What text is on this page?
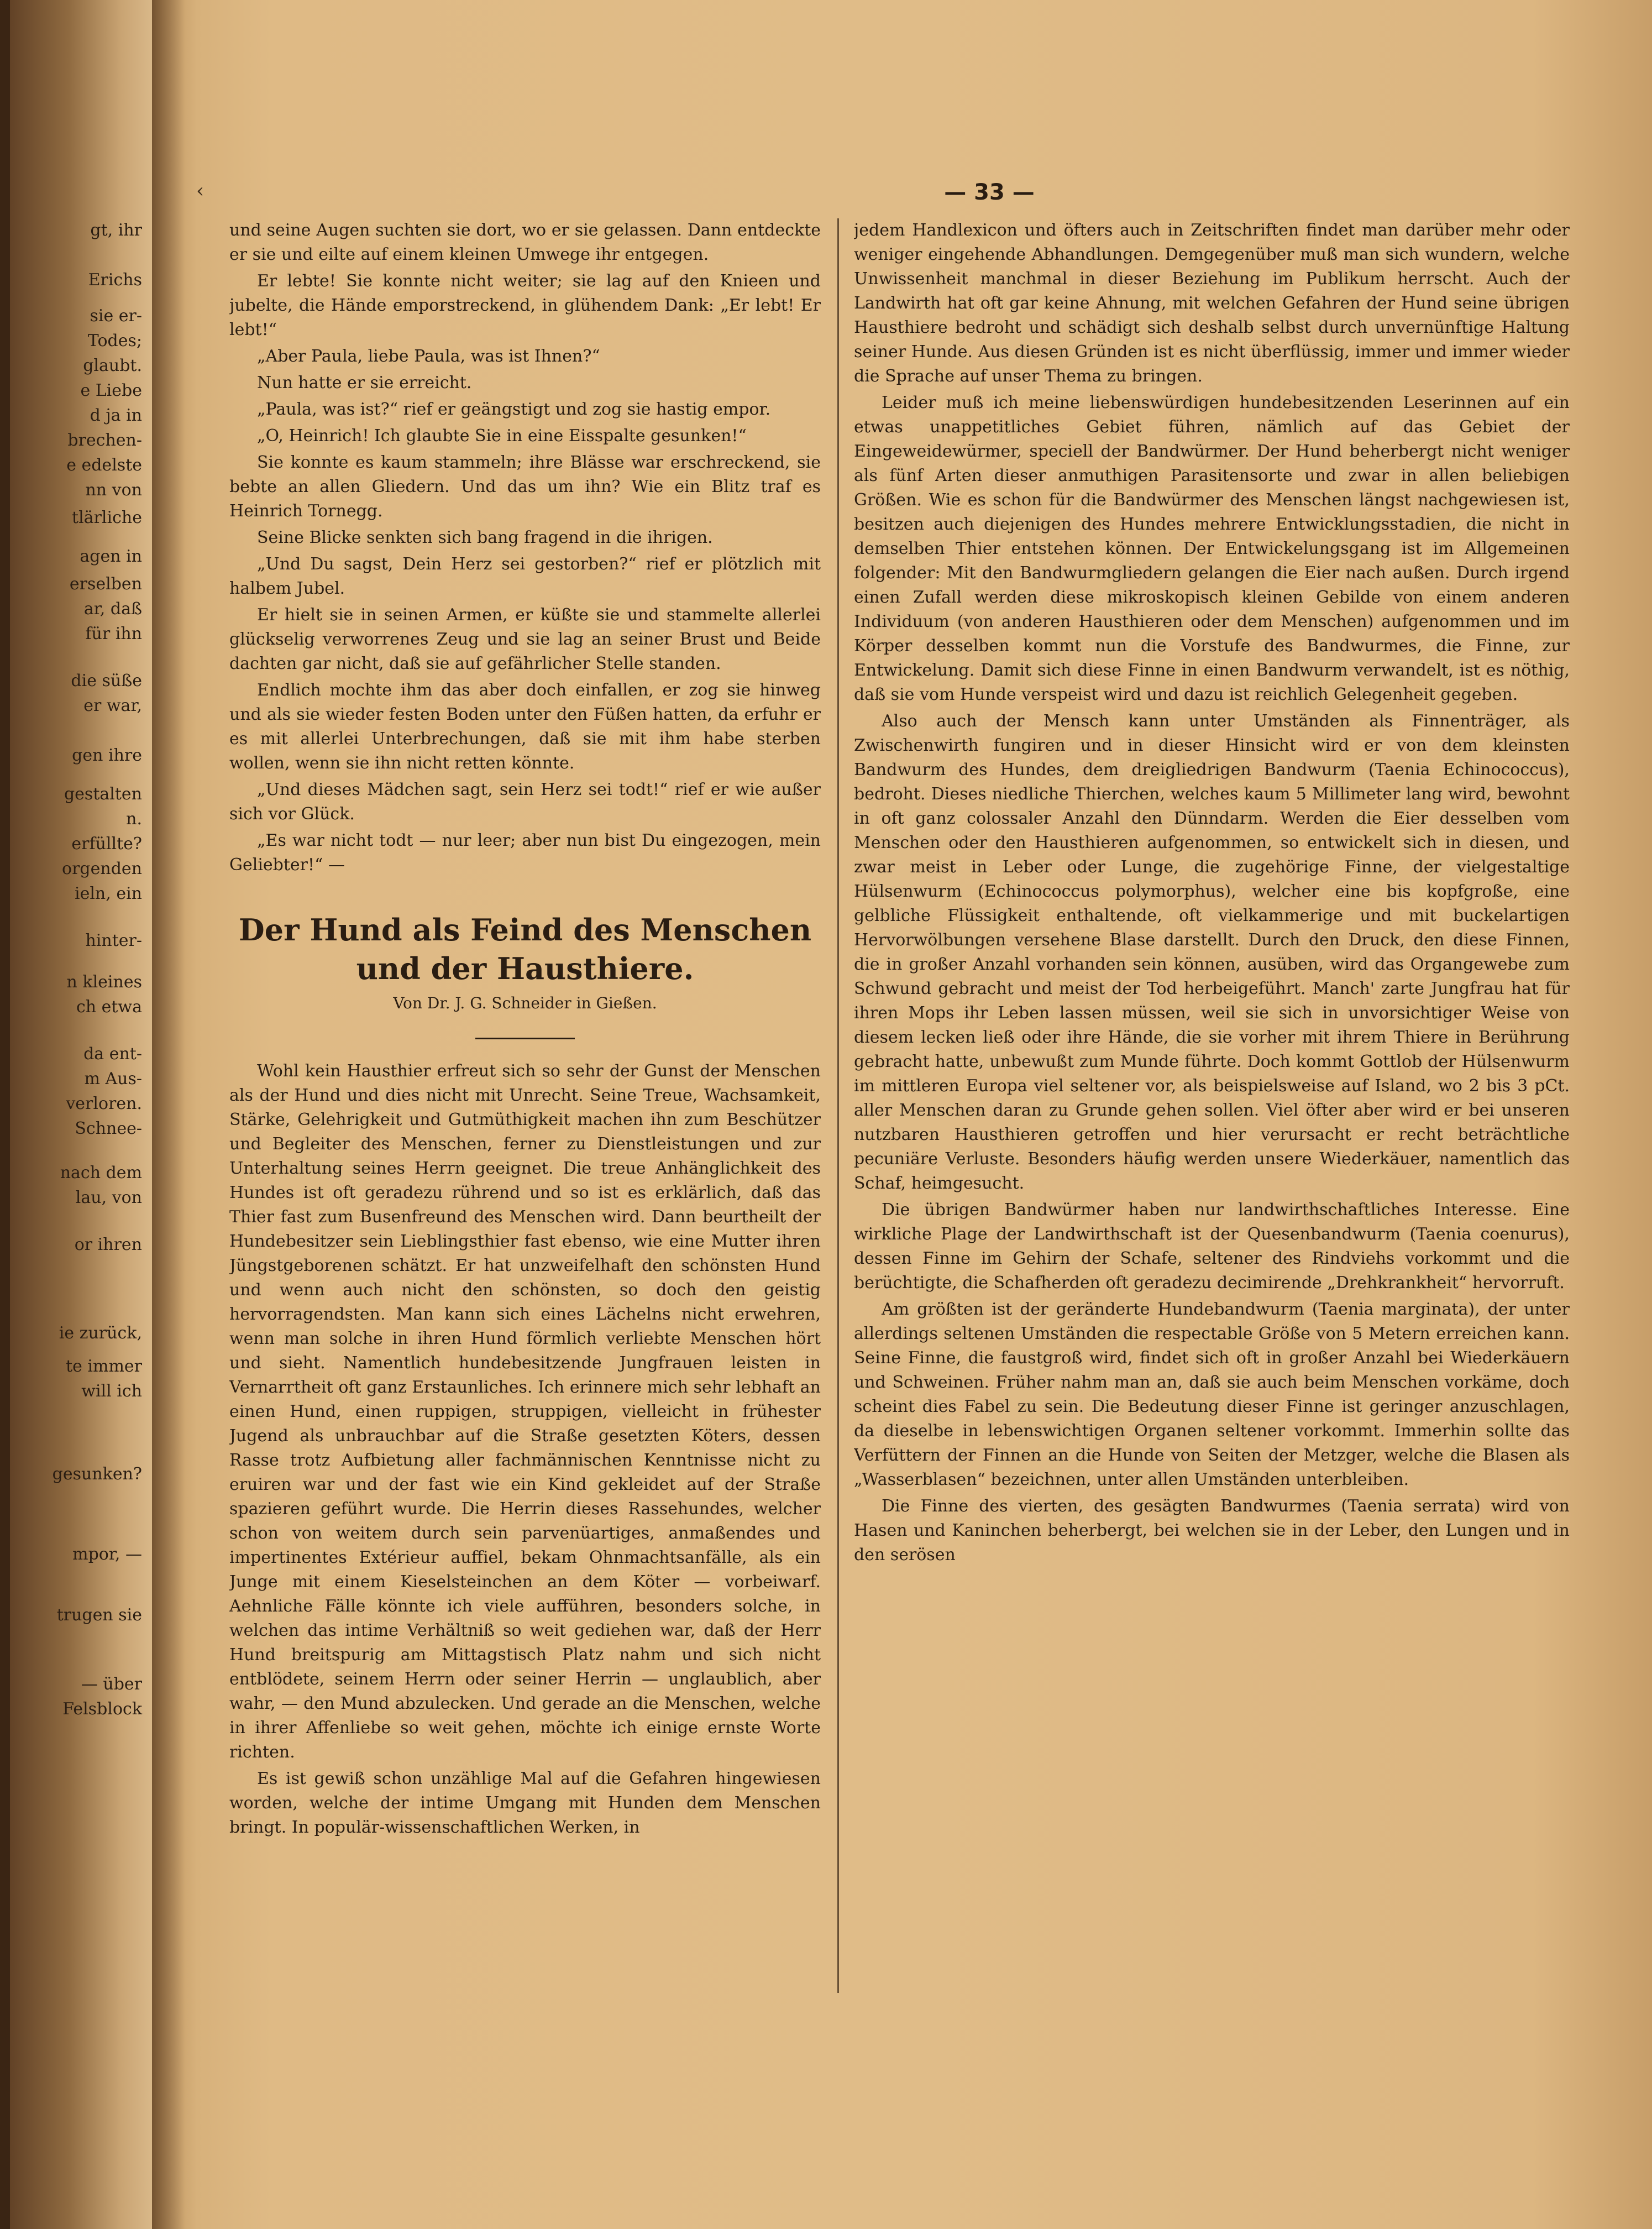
gt, ihr
Erichs
sie er-
Todes;
glaubt.
e Liebe
d ja in
brechen-
e edelste
nn von
tlärliche
agen in
erselben
ar, daß
für ihn
die süße
er war,
gen ihre
gestalten
n.
erfüllte?
orgenden
ieln, ein
hinter-
n kleines
ch etwa
da ent-
m Aus-
verloren.
Schnee-
nach dem
lau, von
or ihren
ie zurück,
te immer
will ich
gesunken?
mpor, —
trugen sie
— über
Felsblock
‹	— 33 —

und seine Augen suchten sie dort, wo er sie gelassen. Dann entdeckte er sie und eilte auf einem kleinen Umwege ihr entgegen.

Er lebte! Sie konnte nicht weiter; sie lag auf den Knieen und jubelte, die Hände emporstreckend, in glühendem Dank: „Er lebt! Er lebt!“

„Aber Paula, liebe Paula, was ist Ihnen?“

Nun hatte er sie erreicht.

„Paula, was ist?“ rief er geängstigt und zog sie hastig empor.

„O, Heinrich! Ich glaubte Sie in eine Eisspalte gesunken!“

Sie konnte es kaum stammeln; ihre Blässe war erschreckend, sie bebte an allen Gliedern. Und das um ihn? Wie ein Blitz traf es Heinrich Tornegg.

Seine Blicke senkten sich bang fragend in die ihrigen.

„Und Du sagst, Dein Herz sei gestorben?“ rief er plötzlich mit halbem Jubel.

Er hielt sie in seinen Armen, er küßte sie und stammelte allerlei glückselig verworrenes Zeug und sie lag an seiner Brust und Beide dachten gar nicht, daß sie auf gefährlicher Stelle standen.

Endlich mochte ihm das aber doch einfallen, er zog sie hinweg und als sie wieder festen Boden unter den Füßen hatten, da erfuhr er es mit allerlei Unterbrechungen, daß sie mit ihm habe sterben wollen, wenn sie ihn nicht retten könnte.

„Und dieses Mädchen sagt, sein Herz sei todt!“ rief er wie außer sich vor Glück.

„Es war nicht todt — nur leer; aber nun bist Du eingezogen, mein Geliebter!“ —

Der Hund als Feind des Menschen und der Hausthiere.
Von Dr. J. G. Schneider in Gießen.

Wohl kein Hausthier erfreut sich so sehr der Gunst der Menschen als der Hund und dies nicht mit Unrecht. Seine Treue, Wachsamkeit, Stärke, Gelehrigkeit und Gutmüthigkeit machen ihn zum Beschützer und Begleiter des Menschen, ferner zu Dienstleistungen und zur Unterhaltung seines Herrn geeignet. Die treue Anhänglichkeit des Hundes ist oft geradezu rührend und so ist es erklärlich, daß das Thier fast zum Busenfreund des Menschen wird. Dann beurtheilt der Hundebesitzer sein Lieblingsthier fast ebenso, wie eine Mutter ihren Jüngstgeborenen schätzt. Er hat unzweifelhaft den schönsten Hund und wenn auch nicht den schönsten, so doch den geistig hervorragendsten. Man kann sich eines Lächelns nicht erwehren, wenn man solche in ihren Hund förmlich verliebte Menschen hört und sieht. Namentlich hundebesitzende Jungfrauen leisten in Vernarrtheit oft ganz Erstaunliches. Ich erinnere mich sehr lebhaft an einen Hund, einen ruppigen, struppigen, vielleicht in frühester Jugend als unbrauchbar auf die Straße gesetzten Köters, dessen Rasse trotz Aufbietung aller fachmännischen Kenntnisse nicht zu eruiren war und der fast wie ein Kind gekleidet auf der Straße spazieren geführt wurde. Die Herrin dieses Rassehundes, welcher schon von weitem durch sein parvenüartiges, anmaßendes und impertinentes Extérieur auffiel, bekam Ohnmachtsanfälle, als ein Junge mit einem Kieselsteinchen an dem Köter — vorbeiwarf. Aehnliche Fälle könnte ich viele aufführen, besonders solche, in welchen das intime Verhältniß so weit gediehen war, daß der Herr Hund breitspurig am Mittagstisch Platz nahm und sich nicht entblödete, seinem Herrn oder seiner Herrin — unglaublich, aber wahr, — den Mund abzulecken. Und gerade an die Menschen, welche in ihrer Affenliebe so weit gehen, möchte ich einige ernste Worte richten.

Es ist gewiß schon unzählige Mal auf die Gefahren hingewiesen worden, welche der intime Umgang mit Hunden dem Menschen bringt. In populär-wissenschaftlichen Werken, in

jedem Handlexicon und öfters auch in Zeitschriften findet man darüber mehr oder weniger eingehende Abhandlungen. Demgegenüber muß man sich wundern, welche Unwissenheit manchmal in dieser Beziehung im Publikum herrscht. Auch der Landwirth hat oft gar keine Ahnung, mit welchen Gefahren der Hund seine übrigen Hausthiere bedroht und schädigt sich deshalb selbst durch unvernünftige Haltung seiner Hunde. Aus diesen Gründen ist es nicht überflüssig, immer und immer wieder die Sprache auf unser Thema zu bringen.

Leider muß ich meine liebenswürdigen hundebesitzenden Leserinnen auf ein etwas unappetitliches Gebiet führen, nämlich auf das Gebiet der Eingeweidewürmer, speciell der Bandwürmer. Der Hund beherbergt nicht weniger als fünf Arten dieser anmuthigen Parasitensorte und zwar in allen beliebigen Größen. Wie es schon für die Bandwürmer des Menschen längst nachgewiesen ist, besitzen auch diejenigen des Hundes mehrere Entwicklungsstadien, die nicht in demselben Thier entstehen können. Der Entwickelungsgang ist im Allgemeinen folgender: Mit den Bandwurmgliedern gelangen die Eier nach außen. Durch irgend einen Zufall werden diese mikroskopisch kleinen Gebilde von einem anderen Individuum (von anderen Hausthieren oder dem Menschen) aufgenommen und im Körper desselben kommt nun die Vorstufe des Bandwurmes, die Finne, zur Entwickelung. Damit sich diese Finne in einen Bandwurm verwandelt, ist es nöthig, daß sie vom Hunde verspeist wird und dazu ist reichlich Gelegenheit gegeben.

Also auch der Mensch kann unter Umständen als Finnenträger, als Zwischenwirth fungiren und in dieser Hinsicht wird er von dem kleinsten Bandwurm des Hundes, dem dreigliedrigen Bandwurm (Taenia Echinococcus), bedroht. Dieses niedliche Thierchen, welches kaum 5 Millimeter lang wird, bewohnt in oft ganz colossaler Anzahl den Dünndarm. Werden die Eier desselben vom Menschen oder den Hausthieren aufgenommen, so entwickelt sich in diesen, und zwar meist in Leber oder Lunge, die zugehörige Finne, der vielgestaltige Hülsenwurm (Echinococcus polymorphus), welcher eine bis kopfgroße, eine gelbliche Flüssigkeit enthaltende, oft vielkammerige und mit buckelartigen Hervorwölbungen versehene Blase darstellt. Durch den Druck, den diese Finnen, die in großer Anzahl vorhanden sein können, ausüben, wird das Organgewebe zum Schwund gebracht und meist der Tod herbeigeführt. Manch' zarte Jungfrau hat für ihren Mops ihr Leben lassen müssen, weil sie sich in unvorsichtiger Weise von diesem lecken ließ oder ihre Hände, die sie vorher mit ihrem Thiere in Berührung gebracht hatte, unbewußt zum Munde führte. Doch kommt Gottlob der Hülsenwurm im mittleren Europa viel seltener vor, als beispielsweise auf Island, wo 2 bis 3 pCt. aller Menschen daran zu Grunde gehen sollen. Viel öfter aber wird er bei unseren nutzbaren Hausthieren getroffen und hier verursacht er recht beträchtliche pecuniäre Verluste. Besonders häufig werden unsere Wiederkäuer, namentlich das Schaf, heimgesucht.

Die übrigen Bandwürmer haben nur landwirthschaftliches Interesse. Eine wirkliche Plage der Landwirthschaft ist der Quesenbandwurm (Taenia coenurus), dessen Finne im Gehirn der Schafe, seltener des Rindviehs vorkommt und die berüchtigte, die Schafherden oft geradezu decimirende „Drehkrankheit“ hervorruft.

Am größten ist der geränderte Hundebandwurm (Taenia marginata), der unter allerdings seltenen Umständen die respectable Größe von 5 Metern erreichen kann. Seine Finne, die faustgroß wird, findet sich oft in großer Anzahl bei Wiederkäuern und Schweinen. Früher nahm man an, daß sie auch beim Menschen vorkäme, doch scheint dies Fabel zu sein. Die Bedeutung dieser Finne ist geringer anzuschlagen, da dieselbe in lebenswichtigen Organen seltener vorkommt. Immerhin sollte das Verfüttern der Finnen an die Hunde von Seiten der Metzger, welche die Blasen als „Wasserblasen“ bezeichnen, unter allen Umständen unterbleiben.

Die Finne des vierten, des gesägten Bandwurmes (Taenia serrata) wird von Hasen und Kaninchen beherbergt, bei welchen sie in der Leber, den Lungen und in den serösen
